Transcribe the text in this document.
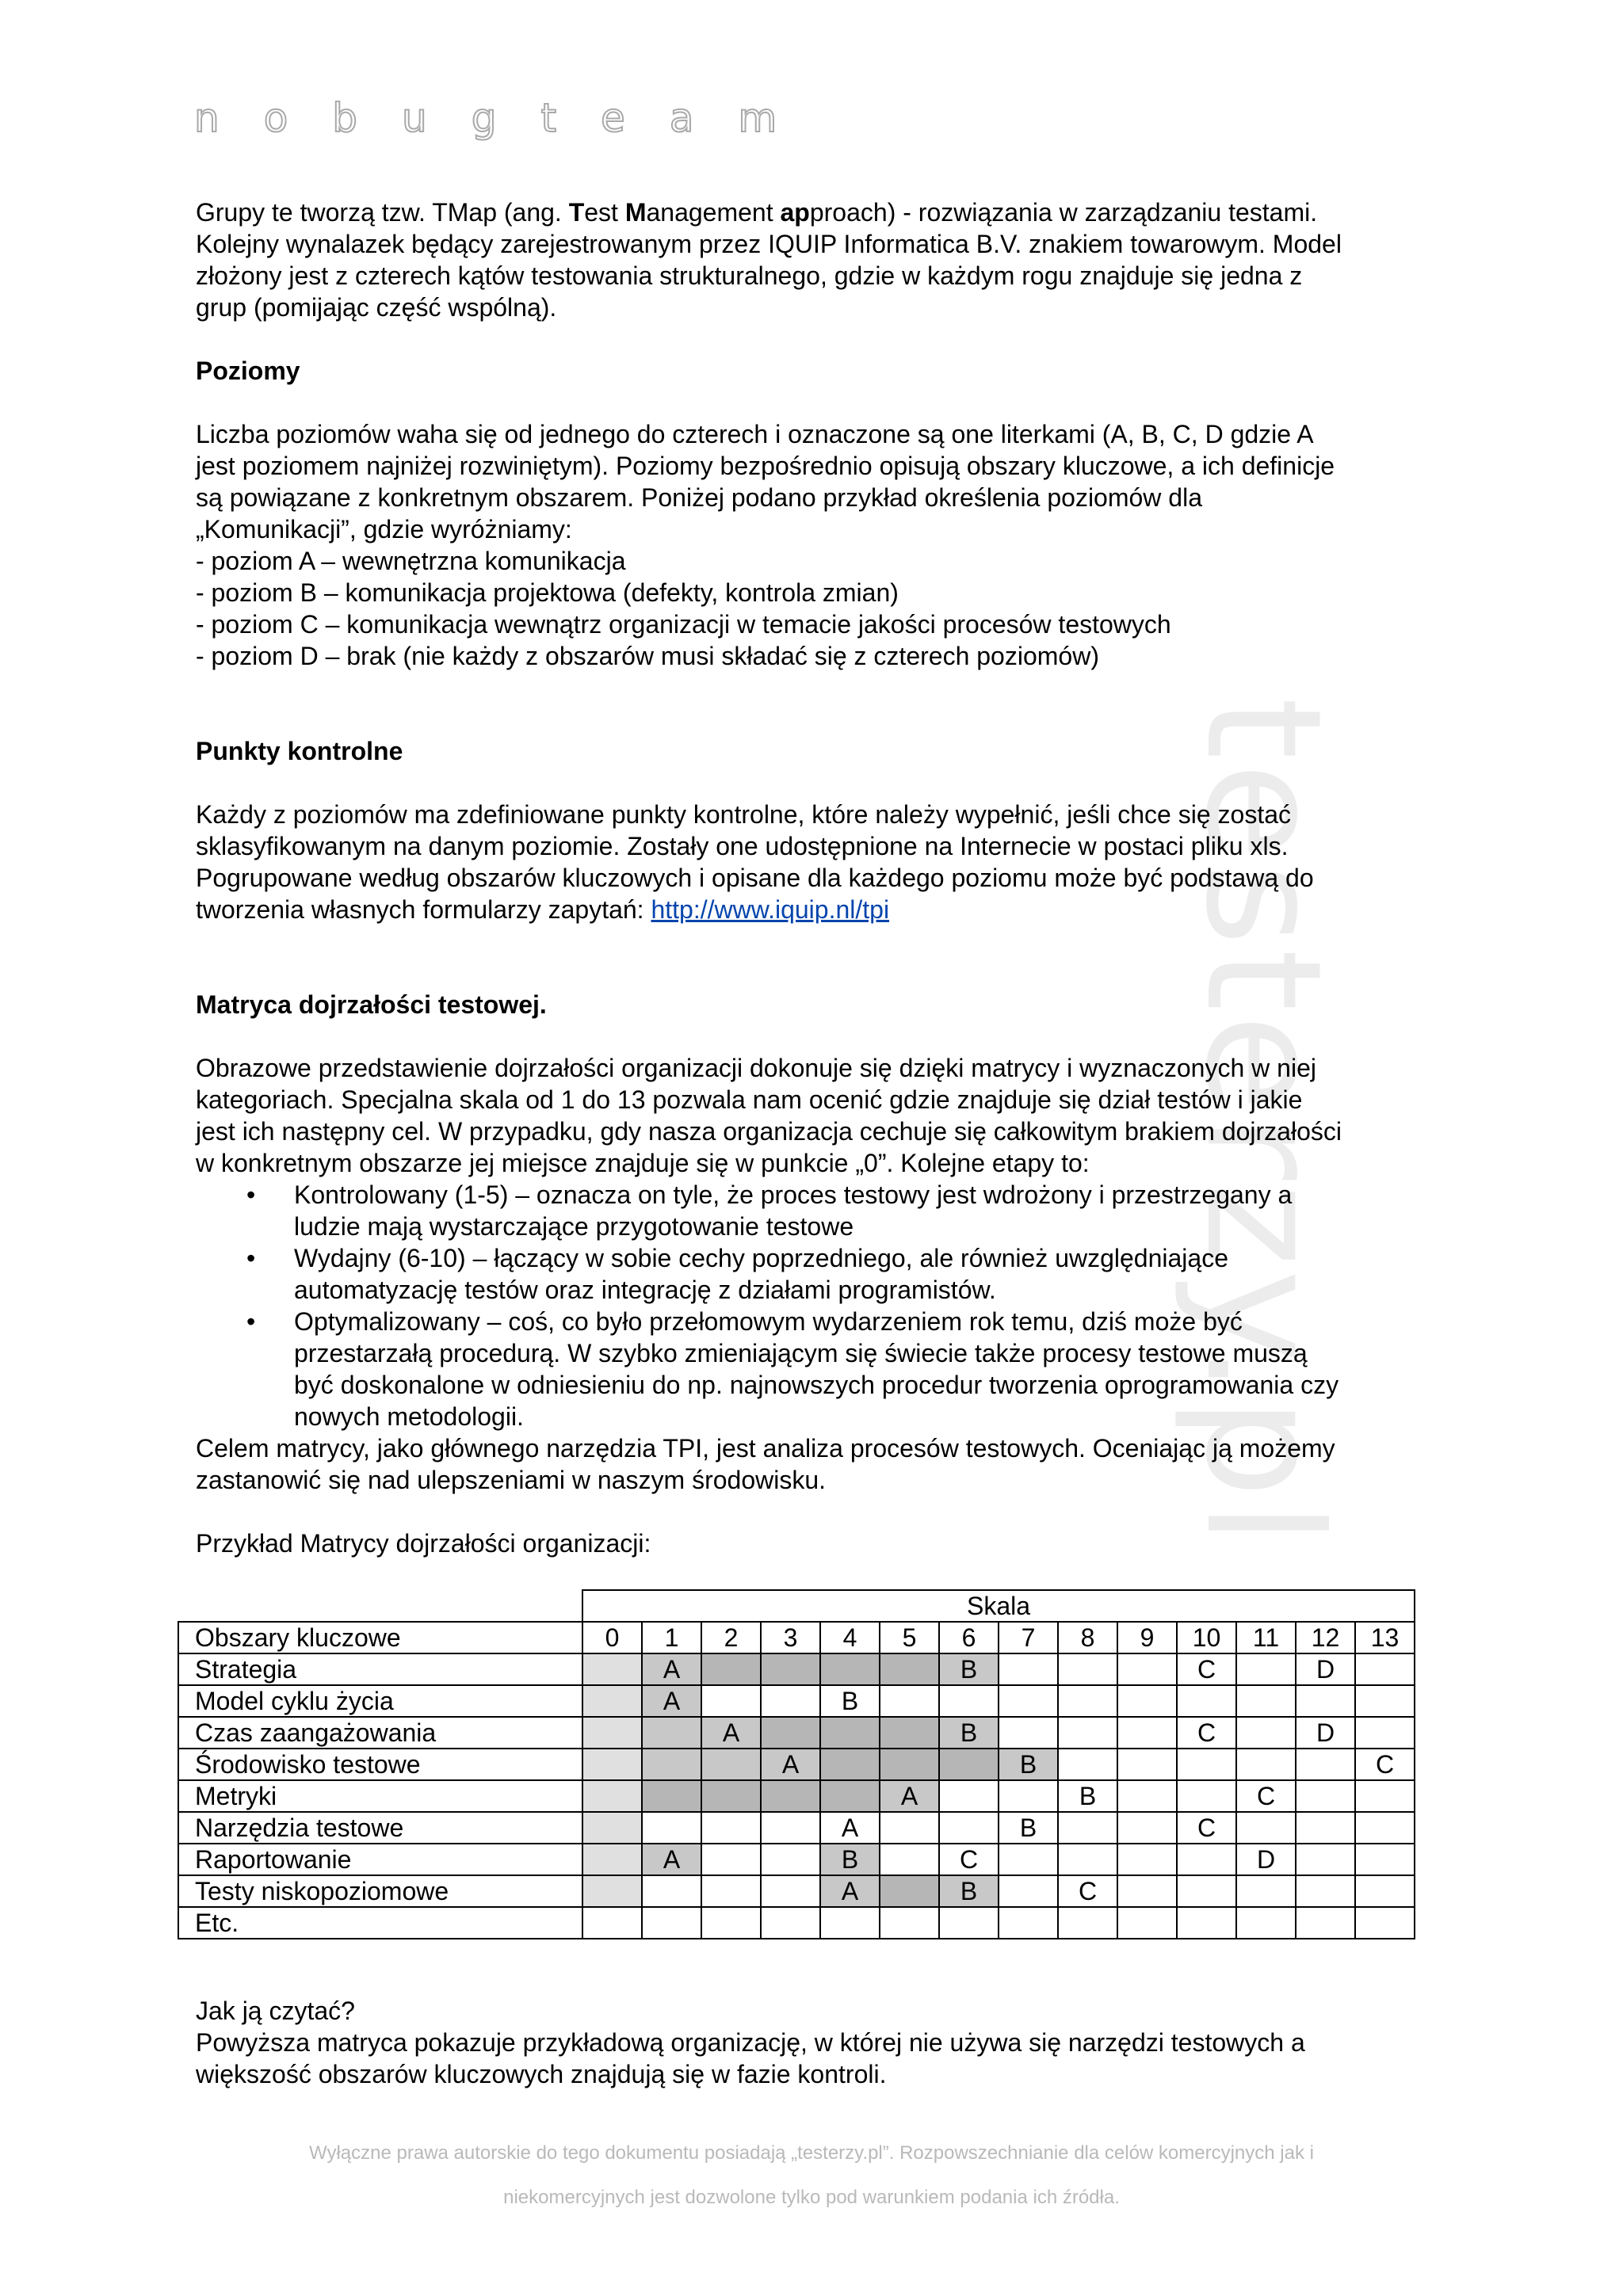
nobugteam
testerzy.pl

Grupy te tworzą tzw. TMap (ang. Test Management approach) - rozwiązania w zarządzaniu testami.

Kolejny wynalazek będący zarejestrowanym przez IQUIP Informatica B.V. znakiem towarowym. Model

złożony jest z czterech kątów testowania strukturalnego, gdzie w każdym rogu znajduje się jedna z

grup (pomijając część wspólną).

Poziomy

Liczba poziomów waha się od jednego do czterech i oznaczone są one literkami (A, B, C, D gdzie A

jest poziomem najniżej rozwiniętym). Poziomy bezpośrednio opisują obszary kluczowe, a ich definicje

są powiązane z konkretnym obszarem. Poniżej podano przykład określenia poziomów dla

„Komunikacji”, gdzie wyróżniamy:

- poziom A – wewnętrzna komunikacja

- poziom B – komunikacja projektowa (defekty, kontrola zmian)

- poziom C – komunikacja wewnątrz organizacji w temacie jakości procesów testowych

- poziom D – brak (nie każdy z obszarów musi składać się z czterech poziomów)

Punkty kontrolne

Każdy z poziomów ma zdefiniowane punkty kontrolne, które należy wypełnić, jeśli chce się zostać

sklasyfikowanym na danym poziomie. Zostały one udostępnione na Internecie w postaci pliku xls.

Pogrupowane według obszarów kluczowych i opisane dla każdego poziomu może być podstawą do

tworzenia własnych formularzy zapytań: http://www.iquip.nl/tpi

Matryca dojrzałości testowej.

Obrazowe przedstawienie dojrzałości organizacji dokonuje się dzięki matrycy i wyznaczonych w niej

kategoriach. Specjalna skala od 1 do 13 pozwala nam ocenić gdzie znajduje się dział testów i jakie

jest ich następny cel. W przypadku, gdy nasza organizacja cechuje się całkowitym brakiem dojrzałości

w konkretnym obszarze jej miejsce znajduje się w punkcie „0”. Kolejne etapy to:

• Kontrolowany (1-5) – oznacza on tyle, że proces testowy jest wdrożony i przestrzegany a
ludzie mają wystarczające przygotowanie testowe
• Wydajny (6-10) – łączący w sobie cechy poprzedniego, ale również uwzględniające
automatyzację testów oraz integrację z działami programistów.
• Optymalizowany – coś, co było przełomowym wydarzeniem rok temu, dziś może być
przestarzałą procedurą. W szybko zmieniającym się świecie także procesy testowe muszą
być doskonalone w odniesieniu do np. najnowszych procedur tworzenia oprogramowania czy
nowych metodologii.

Celem matrycy, jako głównego narzędzia TPI, jest analiza procesów testowych. Oceniając ją możemy

zastanowić się nad ulepszeniami w naszym środowisku.

Przykład Matrycy dojrzałości organizacji:

	Skala													
Obszary kluczowe	0	1	2	3	4	5	6	7	8	9	10	11	12	13
Strategia		A					B				C		D	
Model cyklu życia		A			B									
Czas zaangażowania			A				B				C		D	
Środowisko testowe				A				B						C
Metryki						A			B			C		
Narzędzia testowe					A			B			C			
Raportowanie		A			B		C					D		
Testy niskopoziomowe					A		B		C					
Etc.														

Jak ją czytać?

Powyższa matryca pokazuje przykładową organizację, w której nie używa się narzędzi testowych a

większość obszarów kluczowych znajdują się w fazie kontroli.

Wyłączne prawa autorskie do tego dokumentu posiadają „testerzy.pl”. Rozpowszechnianie dla celów komercyjnych jak i

niekomercyjnych jest dozwolone tylko pod warunkiem podania ich źródła.
